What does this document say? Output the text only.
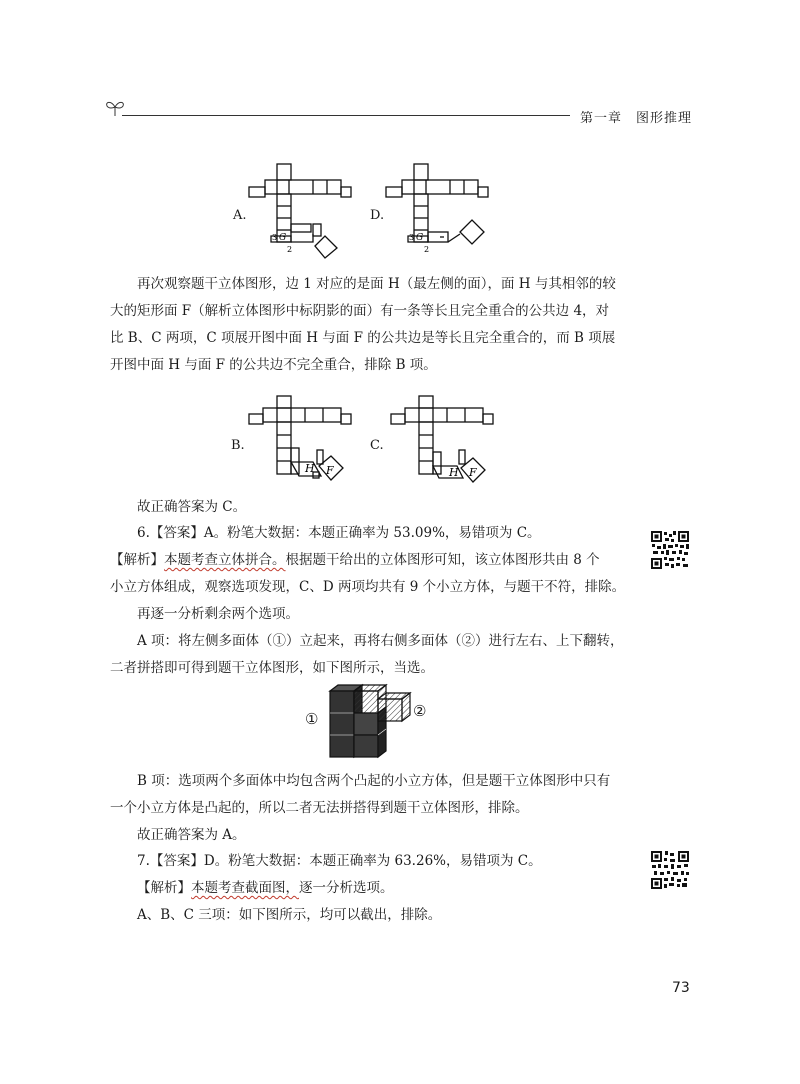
第一章 图形推理
A.
G
3
2
D.
G
3
2
再次观察题干立体图形，边 1 对应的是面 H（最左侧的面），面 H 与其相邻的较
大的矩形面 F（解析立体图形中标阴影的面）有一条等长且完全重合的公共边 4，对
比 B、C 两项，C 项展开图中面 H 与面 F 的公共边是等长且完全重合的，而 B 项展
开图中面 H 与面 F 的公共边不完全重合，排除 B 项。
B.
H F
C.
H F
故正确答案为 C。
6.【答案】A。粉笔大数据：本题正确率为 53.09%，易错项为 C。
【解析】本题考查立体拼合。根据题干给出的立体图形可知，该立体图形共由 8 个
小立方体组成，观察选项发现，C、D 两项均共有 9 个小立方体，与题干不符，排除。
再逐一分析剩余两个选项。
A 项：将左侧多面体（①）立起来，再将右侧多面体（②）进行左右、上下翻转，
二者拼搭即可得到题干立体图形，如下图所示，当选。
①	②
B 项：选项两个多面体中均包含两个凸起的小立方体，但是题干立体图形中只有
一个小立方体是凸起的，所以二者无法拼搭得到题干立体图形，排除。
故正确答案为 A。
7.【答案】D。粉笔大数据：本题正确率为 63.26%，易错项为 C。
【解析】本题考查截面图，逐一分析选项。
A、B、C 三项：如下图所示，均可以截出，排除。
73
